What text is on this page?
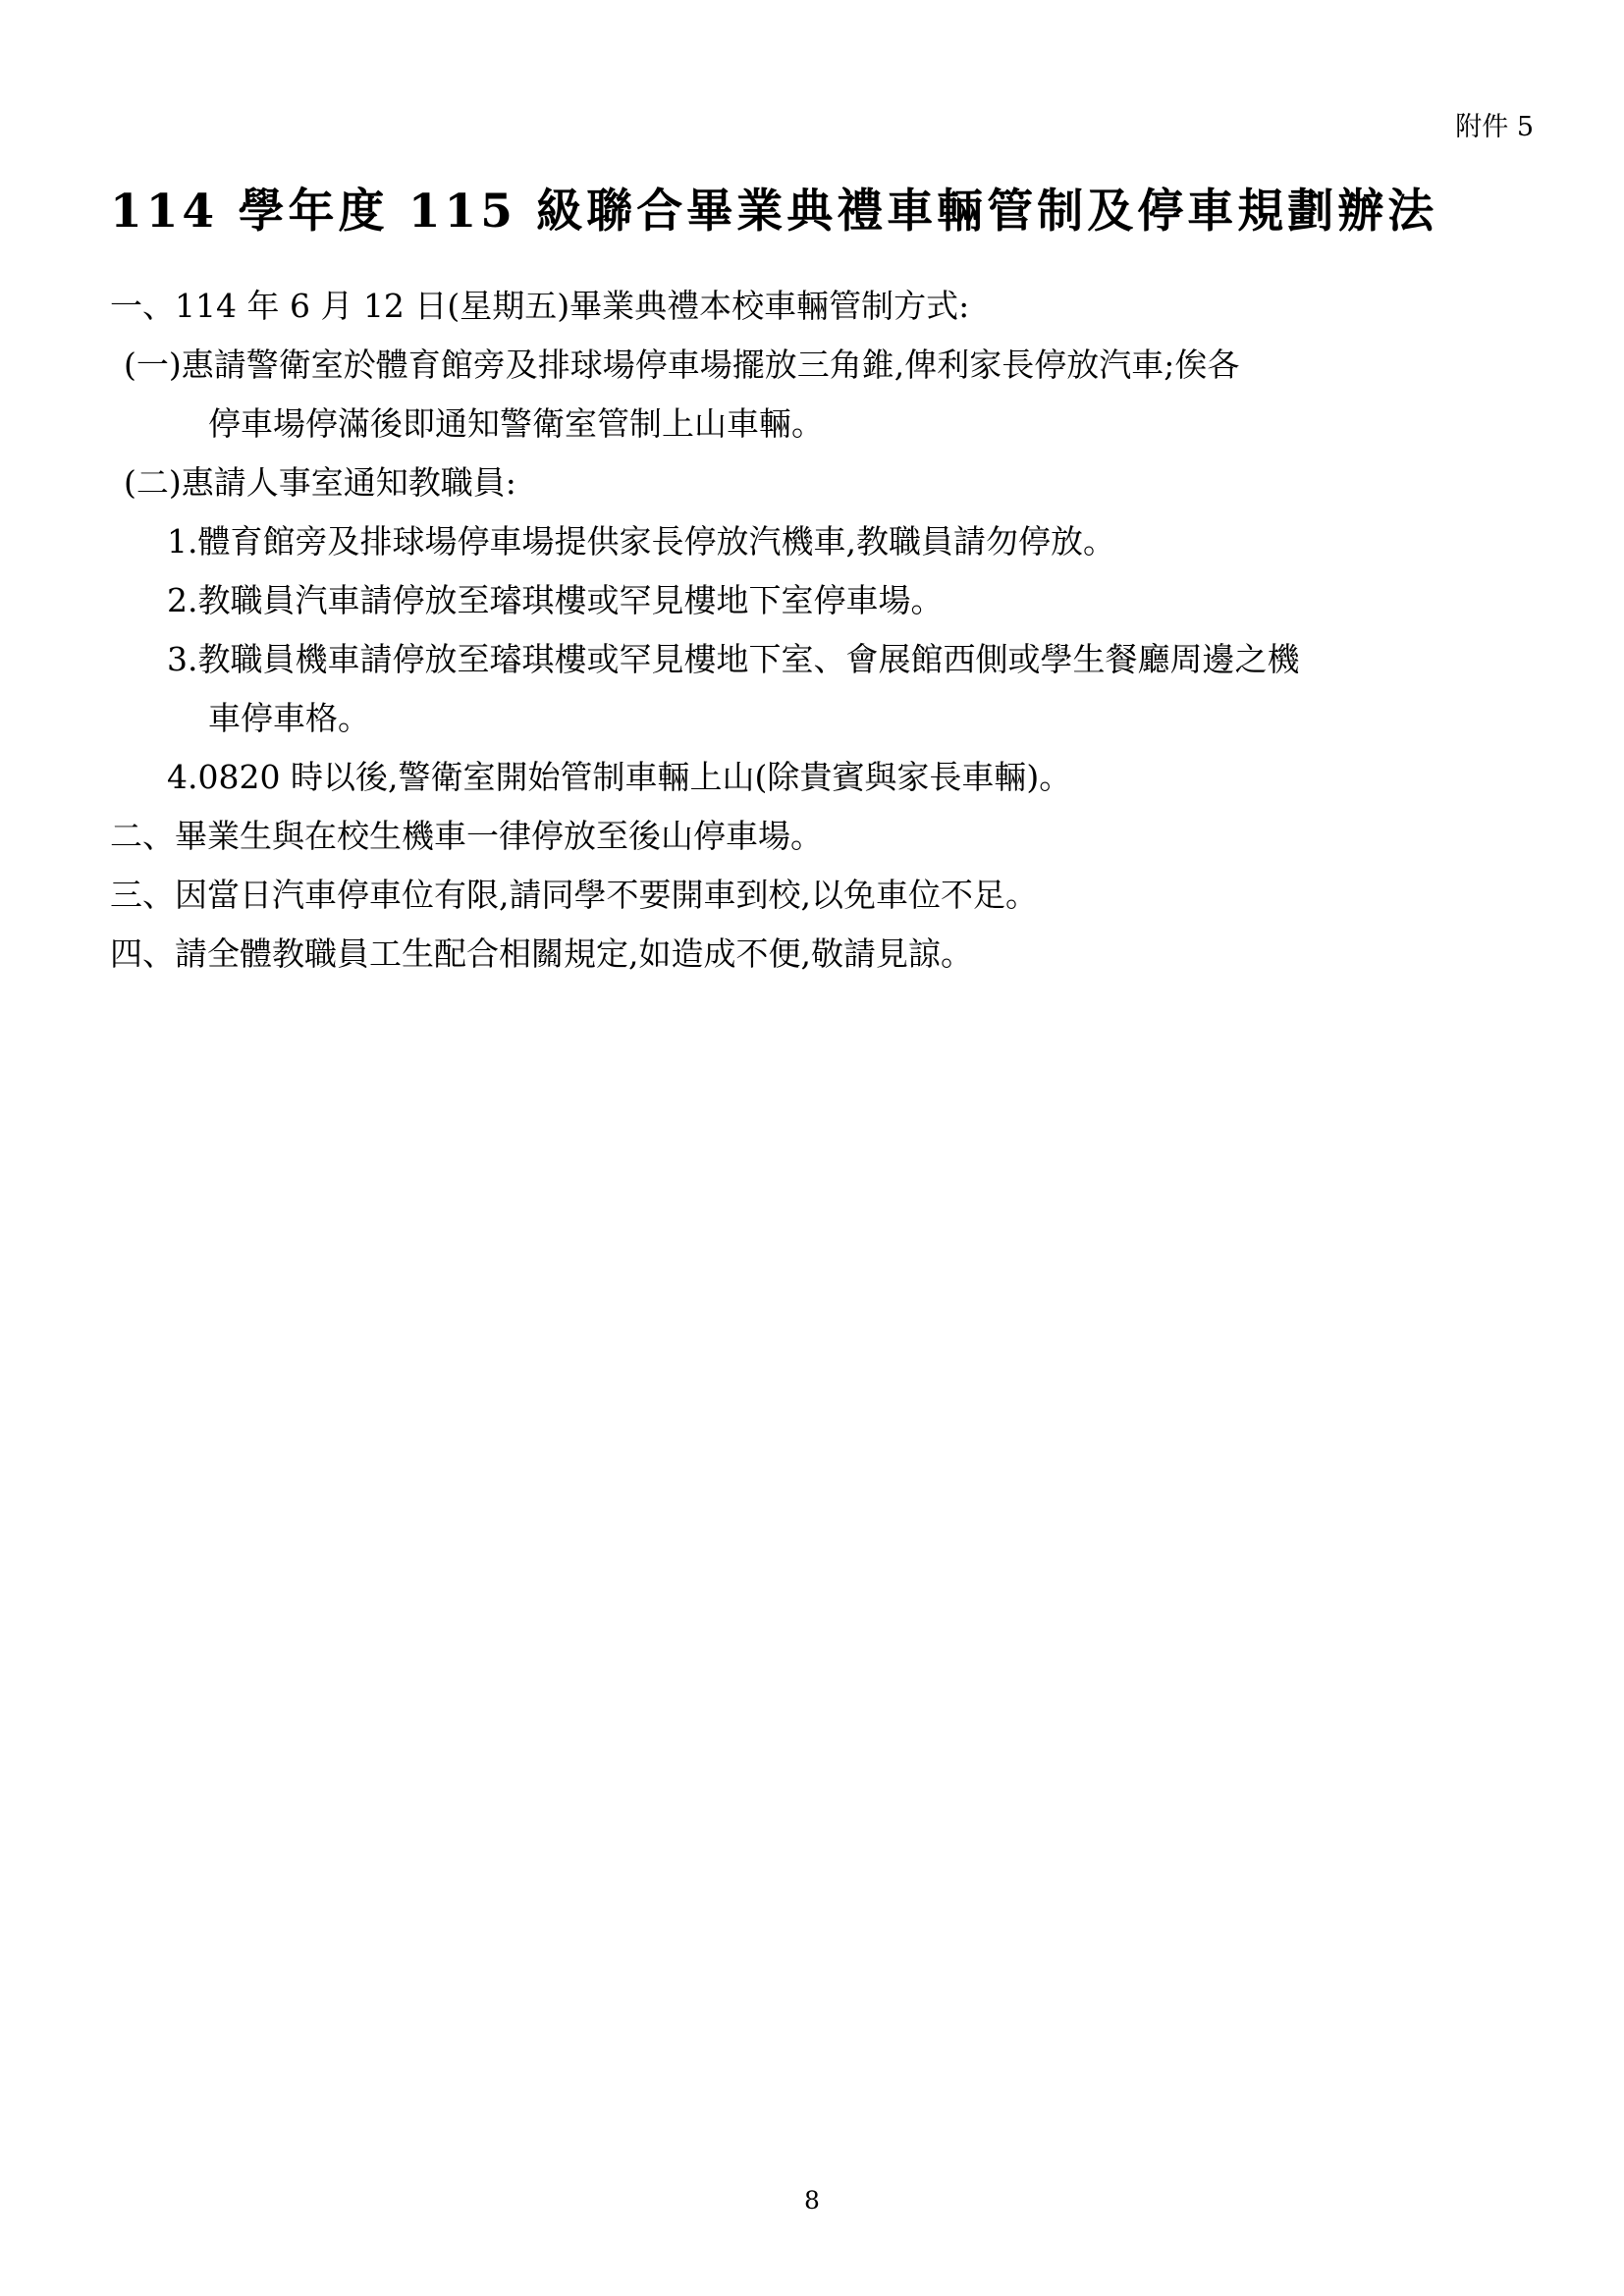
附件 5
114 學年度 115 級聯合畢業典禮車輛管制及停車規劃辦法
一、114 年 6 月 12 日(星期五)畢業典禮本校車輛管制方式:
(一)惠請警衛室於體育館旁及排球場停車場擺放三角錐,俾利家長停放汽車;俟各
停車場停滿後即通知警衛室管制上山車輛。
(二)惠請人事室通知教職員:
1.體育館旁及排球場停車場提供家長停放汽機車,教職員請勿停放。
2.教職員汽車請停放至璿琪樓或罕見樓地下室停車場。
3.教職員機車請停放至璿琪樓或罕見樓地下室、會展館西側或學生餐廳周邊之機
車停車格。
4.0820 時以後,警衛室開始管制車輛上山(除貴賓與家長車輛)。
二、畢業生與在校生機車一律停放至後山停車場。
三、因當日汽車停車位有限,請同學不要開車到校,以免車位不足。
四、請全體教職員工生配合相關規定,如造成不便,敬請見諒。
8
